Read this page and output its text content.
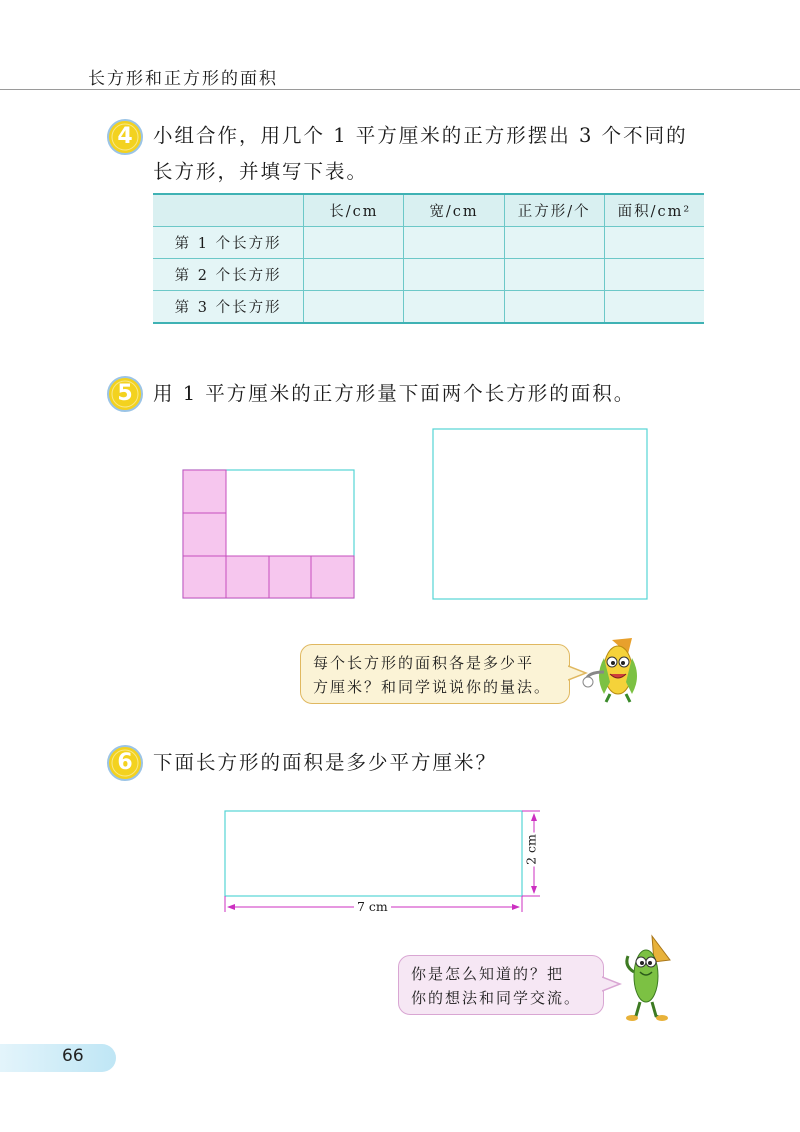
长方形和正方形的面积
4	小组合作，用几个 1 平方厘米的正方形摆出 3 个不同的
长方形，并填写下表。
	长/cm	宽/cm	正方形/个	面积/cm²
第 1 个长方形				
第 2 个长方形				
第 3 个长方形				
5	用 1 平方厘米的正方形量下面两个长方形的面积。
每个长方形的面积各是多少平
方厘米？和同学说说你的量法。
6	下面长方形的面积是多少平方厘米？
7 cm
2 cm
你是怎么知道的？把
你的想法和同学交流。
66
